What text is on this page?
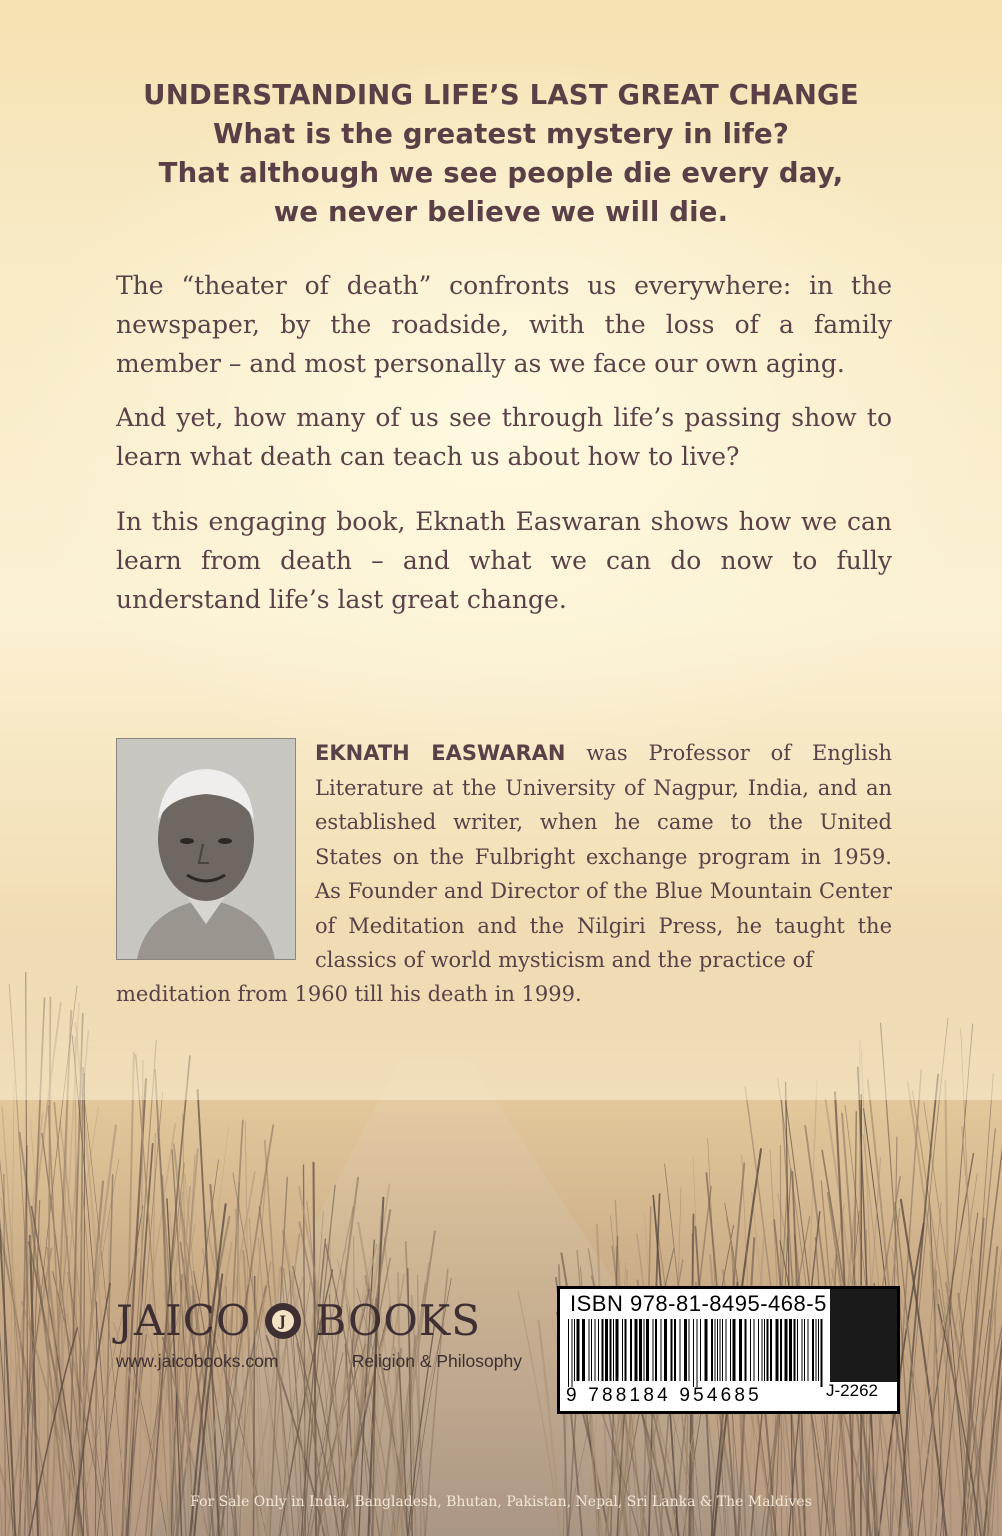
UNDERSTANDING LIFE’S LAST GREAT CHANGE
What is the greatest mystery in life?
That although we see people die every day,
we never believe we will die.

The “theater of death” confronts us everywhere: in the newspaper, by the roadside, with the loss of a family member – and most personally as we face our own aging.

And yet, how many of us see through life’s passing show to learn what death can teach us about how to live?

In this engaging book, Eknath Easwaran shows how we can learn from death – and what we can do now to fully understand life’s last great change.

EKNATH EASWARAN was Professor of English Literature at the University of Nagpur, India, and an established writer, when he came to the United States on the Fulbright exchange program in 1959. As Founder and Director of the Blue Mountain Center of Meditation and the Nilgiri Press, he taught the classics of world mysticism and the practice of
meditation from 1960 till his death in 1999.
JAICO J BOOKS
www.jaicobooks.com	Religion & Philosophy
ISBN 978-81-8495-468-5
9 788184 954685	J-2262
For Sale Only in India, Bangladesh, Bhutan, Pakistan, Nepal, Sri Lanka & The Maldives
